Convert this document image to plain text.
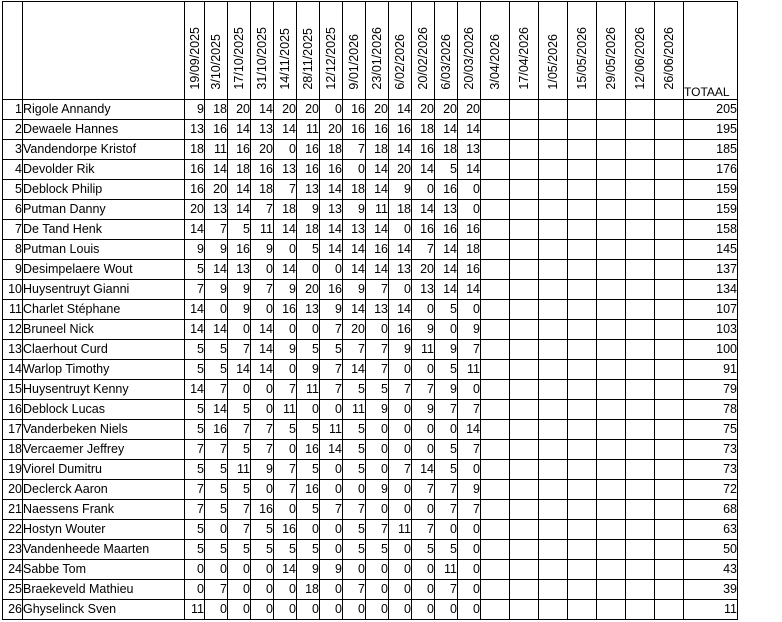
		19/09/2025	3/10/2025	17/10/2025	31/10/2025	14/11/2025	28/11/2025	12/12/2025	9/01/2026	23/01/2026	6/02/2026	20/02/2026	6/03/2026	20/03/2026	3/04/2026	17/04/2026	1/05/2026	15/05/2026	29/05/2026	12/06/2026	26/06/2026	TOTAAL
1	Rigole Annandy	9	18	20	14	20	20	0	16	20	14	20	20	20								205
2	Dewaele Hannes	13	16	14	13	14	11	20	16	16	16	18	14	14								195
3	Vandendorpe Kristof	18	11	16	20	0	16	18	7	18	14	16	18	13								185
4	Devolder Rik	16	14	18	16	13	16	16	0	14	20	14	5	14								176
5	Deblock Philip	16	20	14	18	7	13	14	18	14	9	0	16	0								159
6	Putman Danny	20	13	14	7	18	9	13	9	11	18	14	13	0								159
7	De Tand Henk	14	7	5	11	14	18	14	13	14	0	16	16	16								158
8	Putman Louis	9	9	16	9	0	5	14	14	16	14	7	14	18								145
9	Desimpelaere Wout	5	14	13	0	14	0	0	14	14	13	20	14	16								137
10	Huysentruyt Gianni	7	9	9	7	9	20	16	9	7	0	13	14	14								134
11	Charlet Stéphane	14	0	9	0	16	13	9	14	13	14	0	5	0								107
12	Bruneel Nick	14	14	0	14	0	0	7	20	0	16	9	0	9								103
13	Claerhout Curd	5	5	7	14	9	5	5	7	7	9	11	9	7								100
14	Warlop Timothy	5	5	14	14	0	9	7	14	7	0	0	5	11								91
15	Huysentruyt Kenny	14	7	0	0	7	11	7	5	5	7	7	9	0								79
16	Deblock Lucas	5	14	5	0	11	0	0	11	9	0	9	7	7								78
17	Vanderbeken Niels	5	16	7	7	5	5	11	5	0	0	0	0	14								75
18	Vercaemer Jeffrey	7	7	5	7	0	16	14	5	0	0	0	5	7								73
19	Viorel Dumitru	5	5	11	9	7	5	0	5	0	7	14	5	0								73
20	Declerck Aaron	7	5	5	0	7	16	0	0	9	0	7	7	9								72
21	Naessens Frank	7	5	7	16	0	5	7	7	0	0	0	7	7								68
22	Hostyn Wouter	5	0	7	5	16	0	0	5	7	11	7	0	0								63
23	Vandenheede Maarten	5	5	5	5	5	5	0	5	5	0	5	5	0								50
24	Sabbe Tom	0	0	0	0	14	9	9	0	0	0	0	11	0								43
25	Braekeveld Mathieu	0	7	0	0	0	18	0	7	0	0	0	7	0								39
26	Ghyselinck Sven	11	0	0	0	0	0	0	0	0	0	0	0	0								11
